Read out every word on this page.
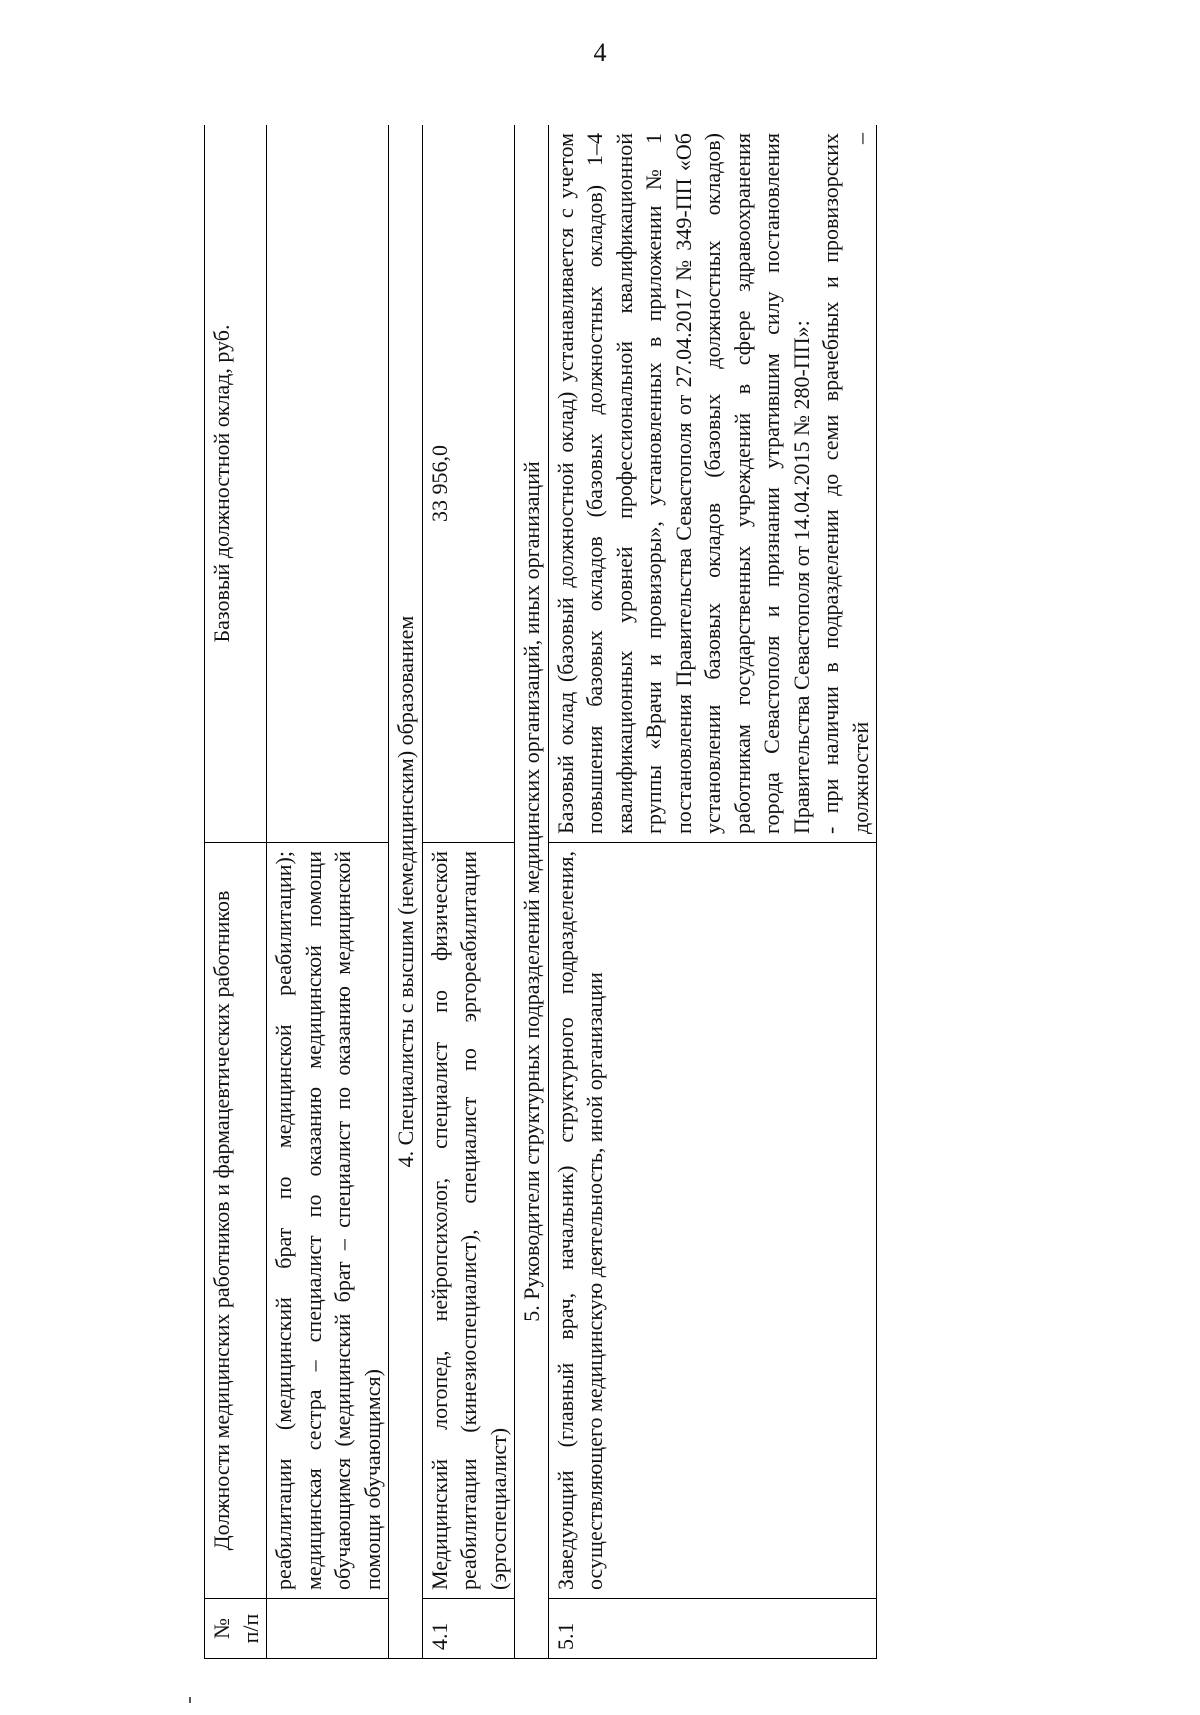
4
№ п/п	Должности медицинских работников и фармацевтических работников	Базовый должностной оклад, руб.
	реабилитации (медицинский брат по медицинской реабилитации); медицинская сестра – специалист по оказанию медицинской помощи обучающимся (медицинский брат – специалист по оказанию медицинской помощи обучающимся)	
4. Специалисты с высшим (немедицинским) образованием		
4.1	Медицинский логопед, нейропсихолог, специалист по физической реабилитации (кинезиоспециалист), специалист по эргореабилитации (эргоспециалист)	33 956,0
5. Руководители структурных подразделений медицинских организаций, иных организаций		
5.1	Заведующий (главный врач, начальник) структурного подразделения, осуществляющего медицинскую деятельность, иной организации	Базовый оклад (базовый должностной оклад) устанавливается с учетом повышения базовых окладов (базовых должностных окладов) 1–4 квалификационных уровней профессиональной квалификационной группы «Врачи и провизоры», установленных в приложении № 1 постановления Правительства Севастополя от 27.04.2017 № 349-ПП «Об установлении базовых окладов (базовых должностных окладов) работникам государственных учреждений в сфере здравоохранения города Севастополя и признании утратившим силу постановления Правительства Севастополя от 14.04.2015 № 280-ПП»: - при наличии в подразделении до семи врачебных и провизорских должностей –
